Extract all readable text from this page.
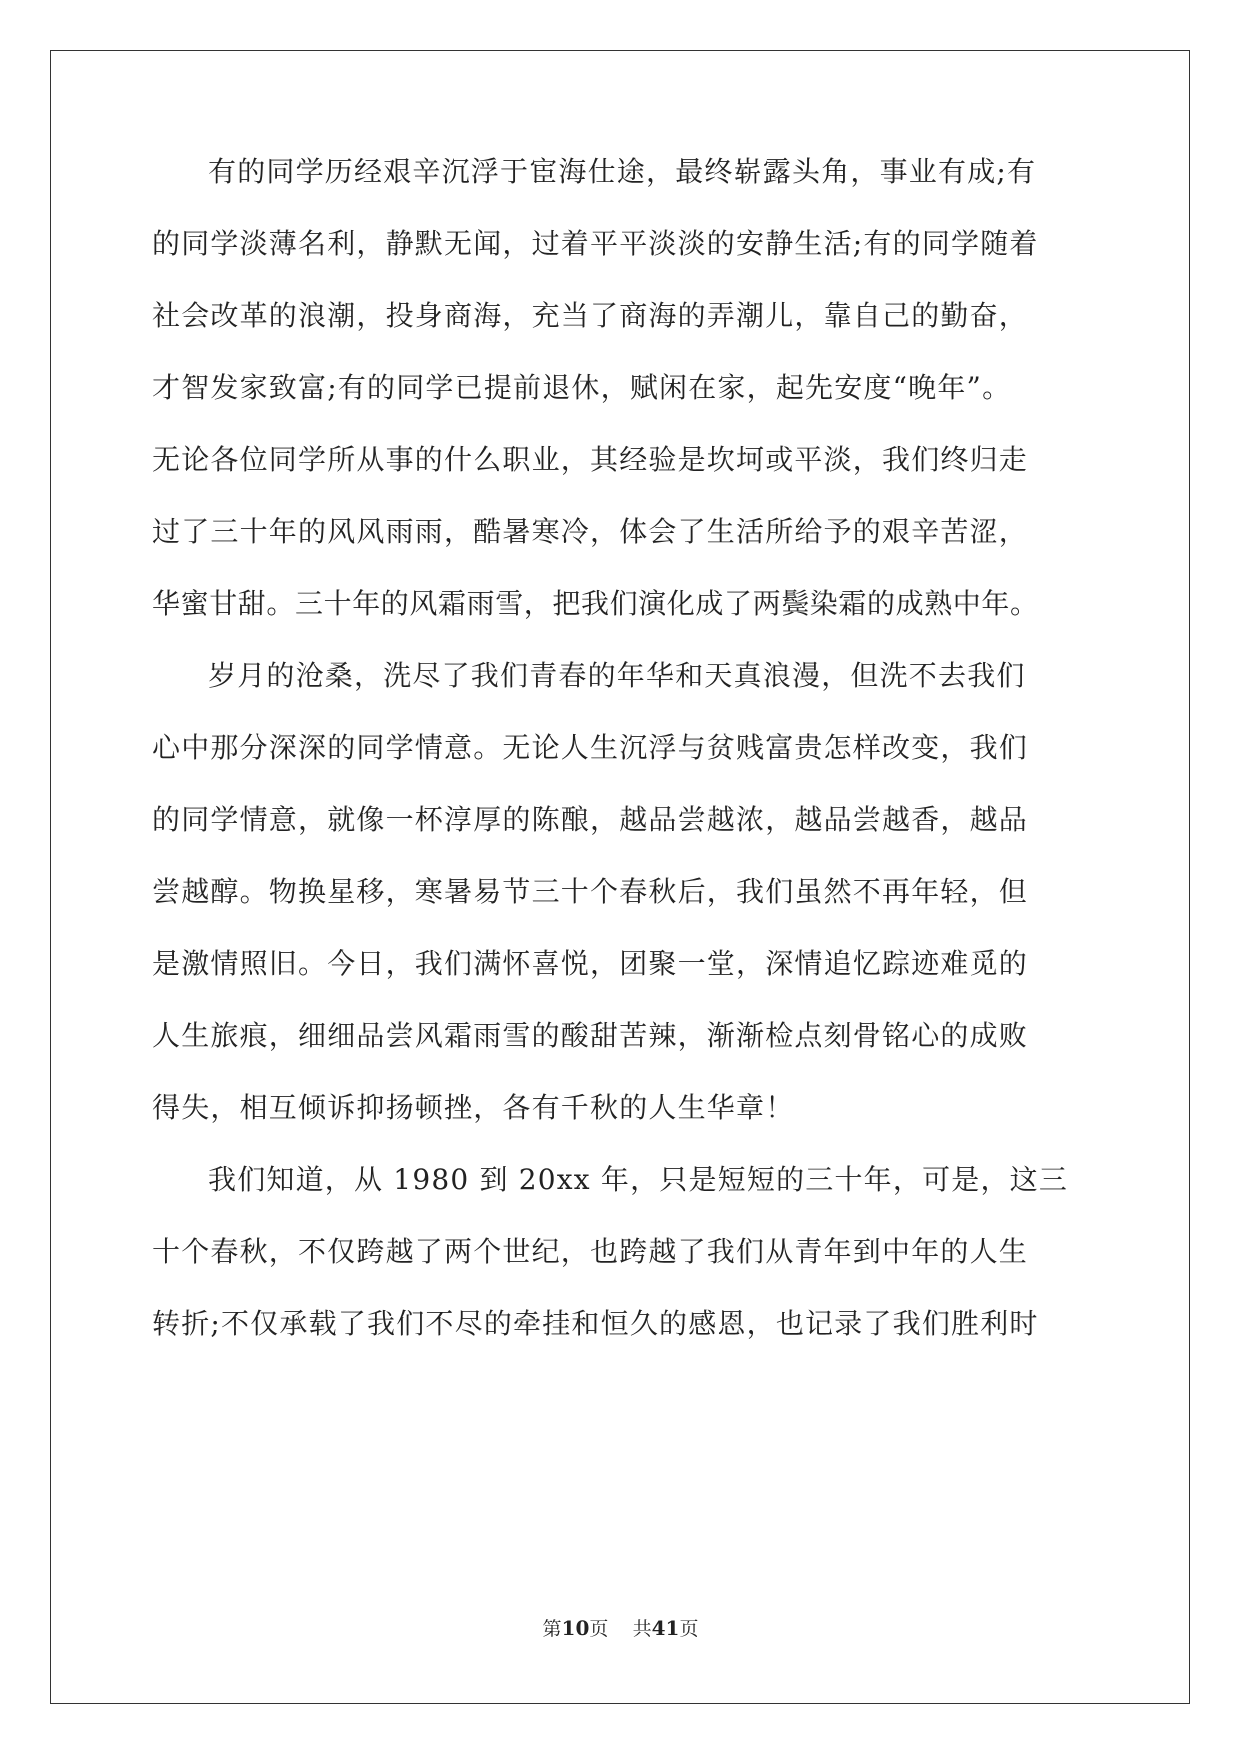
有的同学历经艰辛沉浮于宦海仕途，最终崭露头角，事业有成;有
的同学淡薄名利，静默无闻，过着平平淡淡的安静生活;有的同学随着
社会改革的浪潮，投身商海，充当了商海的弄潮儿，靠自己的勤奋，
才智发家致富;有的同学已提前退休，赋闲在家，起先安度“晚年”。
无论各位同学所从事的什么职业，其经验是坎坷或平淡，我们终归走
过了三十年的风风雨雨，酷暑寒冷，体会了生活所给予的艰辛苦涩，
华蜜甘甜。三十年的风霜雨雪，把我们演化成了两鬓染霜的成熟中年。
岁月的沧桑，洗尽了我们青春的年华和天真浪漫，但洗不去我们
心中那分深深的同学情意。无论人生沉浮与贫贱富贵怎样改变，我们
的同学情意，就像一杯淳厚的陈酿，越品尝越浓，越品尝越香，越品
尝越醇。物换星移，寒暑易节三十个春秋后，我们虽然不再年轻，但
是激情照旧。今日，我们满怀喜悦，团聚一堂，深情追忆踪迹难觅的
人生旅痕，细细品尝风霜雨雪的酸甜苦辣，渐渐检点刻骨铭心的成败
得失，相互倾诉抑扬顿挫，各有千秋的人生华章！
我们知道，从 1980 到 20xx 年，只是短短的三十年，可是，这三
十个春秋，不仅跨越了两个世纪，也跨越了我们从青年到中年的人生
转折;不仅承载了我们不尽的牵挂和恒久的感恩，也记录了我们胜利时
第10页 共41页
